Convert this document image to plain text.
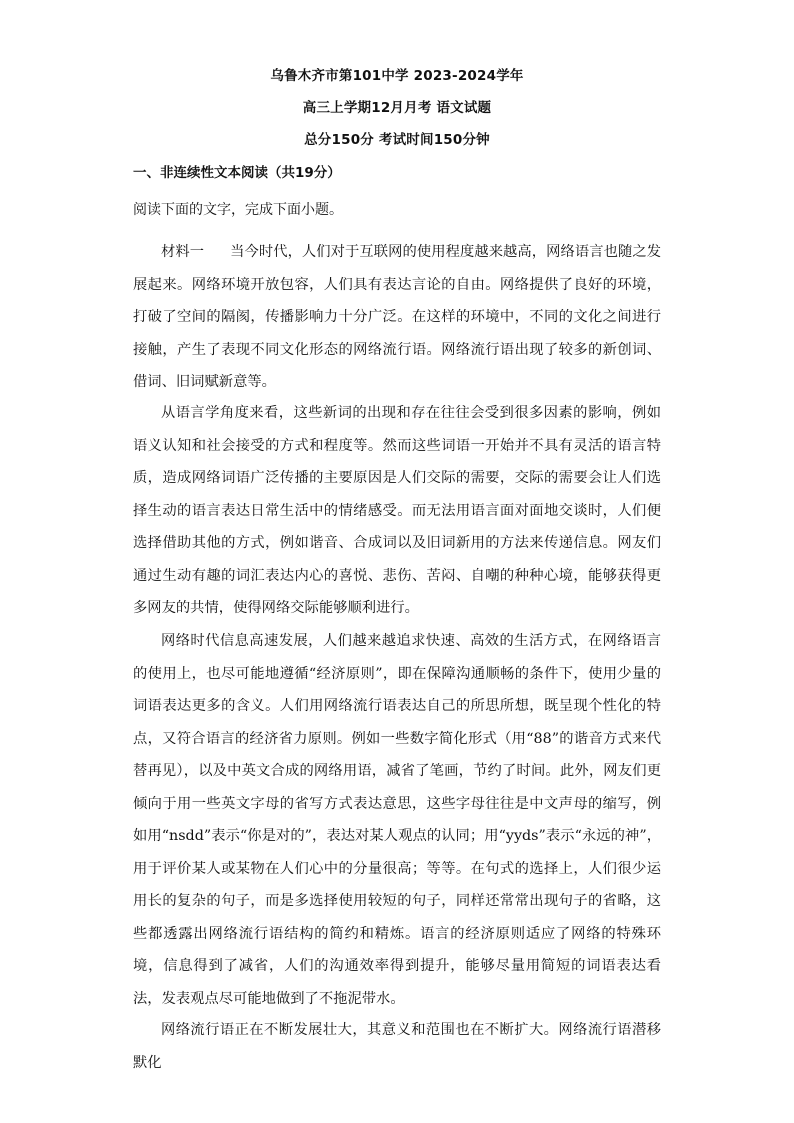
乌鲁木齐市第101中学 2023-2024学年
高三上学期12月月考 语文试题
总分150分 考试时间150分钟
一、非连续性文本阅读（共19分）
阅读下面的文字，完成下面小题。

材料一 当今时代，人们对于互联网的使用程度越来越高，网络语言也随之发展起来。网络环境开放包容，人们具有表达言论的自由。网络提供了良好的环境，打破了空间的隔阂，传播影响力十分广泛。在这样的环境中，不同的文化之间进行接触，产生了表现不同文化形态的网络流行语。网络流行语出现了较多的新创词、借词、旧词赋新意等。

从语言学角度来看，这些新词的出现和存在往往会受到很多因素的影响，例如语义认知和社会接受的方式和程度等。然而这些词语一开始并不具有灵活的语言特质，造成网络词语广泛传播的主要原因是人们交际的需要，交际的需要会让人们选择生动的语言表达日常生活中的情绪感受。而无法用语言面对面地交谈时，人们便选择借助其他的方式，例如谐音、合成词以及旧词新用的方法来传递信息。网友们通过生动有趣的词汇表达内心的喜悦、悲伤、苦闷、自嘲的种种心境，能够获得更多网友的共情，使得网络交际能够顺利进行。

网络时代信息高速发展，人们越来越追求快速、高效的生活方式，在网络语言的使用上，也尽可能地遵循“经济原则”，即在保障沟通顺畅的条件下，使用少量的词语表达更多的含义。人们用网络流行语表达自己的所思所想，既呈现个性化的特点，又符合语言的经济省力原则。例如一些数字简化形式（用“88”的谐音方式来代替再见），以及中英文合成的网络用语，减省了笔画，节约了时间。此外，网友们更倾向于用一些英文字母的省写方式表达意思，这些字母往往是中文声母的缩写，例如用“nsdd”表示“你是对的”，表达对某人观点的认同；用“yyds”表示“永远的神”，用于评价某人或某物在人们心中的分量很高；等等。在句式的选择上，人们很少运用长的复杂的句子，而是多选择使用较短的句子，同样还常常出现句子的省略，这些都透露出网络流行语结构的简约和精炼。语言的经济原则适应了网络的特殊环境，信息得到了减省，人们的沟通效率得到提升，能够尽量用简短的词语表达看法，发表观点尽可能地做到了不拖泥带水。

网络流行语正在不断发展壮大，其意义和范围也在不断扩大。网络流行语潜移默化
